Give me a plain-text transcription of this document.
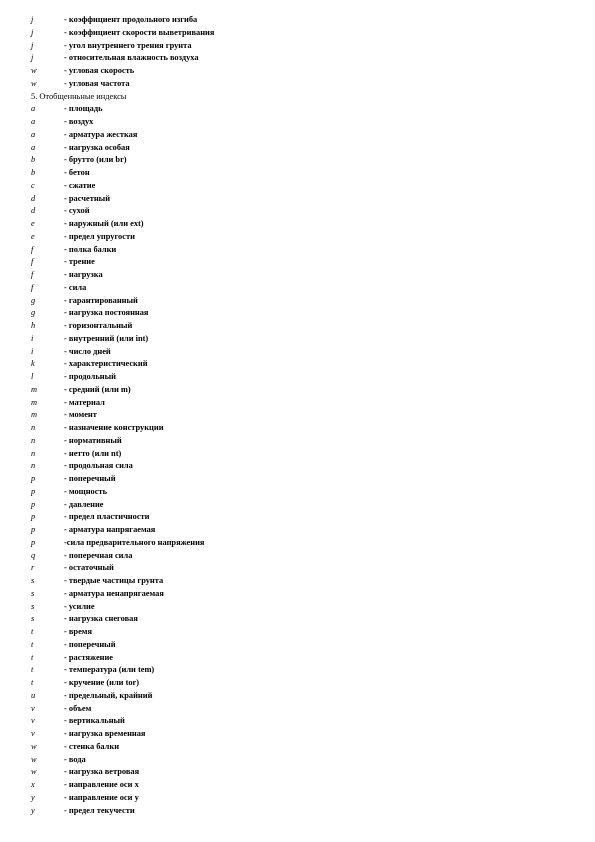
j	- коэффициент продольного изгиба
j	- коэффициент скорости выветривания
j	- угол внутреннего трения грунта
j	- относительная влажность воздуха
w	- угловая скорость
w	- угловая частота
5. Отобщенньные индексы
a	- площадь
a	- воздух
a	- арматура жесткая
a	- нагрузка особая
b	- брутто (или br)
b	- бетон
c	- сжатие
d	- расчетный
d	- сухой
e	- наружный (или ext)
e	- предел упругости
f	- полка балки
f	- трение
f	- нагрузка
f	- сила
g	- гарантированный
g	- нагрузка постоянная
h	- горизонтальный
i	- внутренний (или int)
i	- число дней
k	- характеристический
l	- продольный
m	- средний (или m)
m	- материал
m	- момент
n	- назначение конструкции
n	- нормативный
n	- нетто (или nt)
n	- продольная сила
p	- поперечный
p	- мощность
p	- давление
p	- предел пластичности
p	- арматура напрягаемая
p	-сила предварительного напряжения
q	- поперечная сила
r	- остаточный
s	- твердые частицы грунта
s	- арматура ненапрягаемая
s	- усилие
s	- нагрузка снеговая
t	- время
t	- поперечный
t	- растяжение
t	- температура (или tem)
t	- кручение (или tor)
u	- предельный, крайний
v	- объем
v	- вертикальный
v	- нагрузка временная
w	- стенка балки
w	- вода
w	- нагрузка ветровая
x	- направление оси x
y	- направление оси y
y	- предел текучести
